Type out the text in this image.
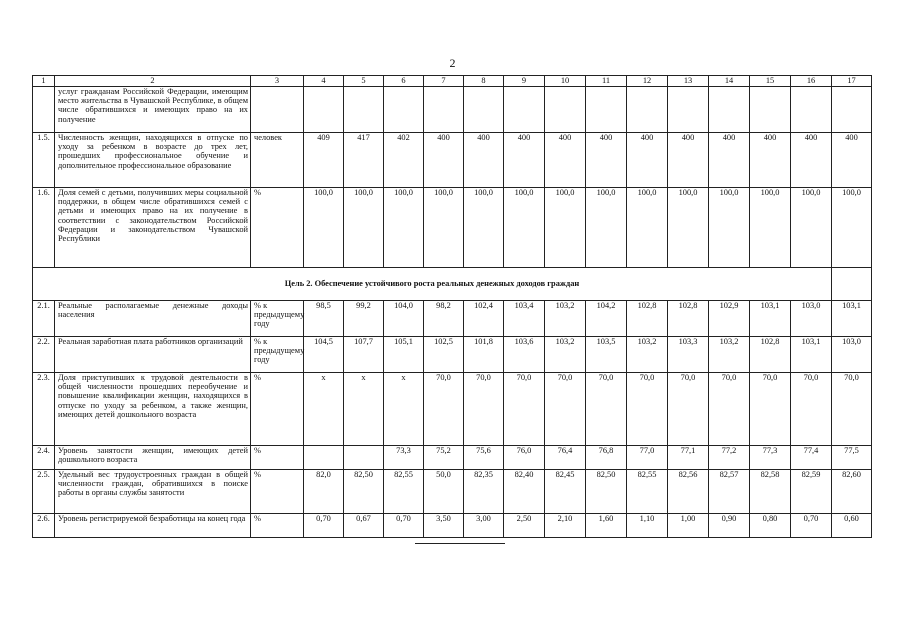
2
1	2	3	4	5	6	7	8	9	10	11	12	13	14	15	16	17
	услуг гражданам Российской Федерации, имеющим место жительства в Чувашской Республике, в общем числе обратившихся и имеющих право на их получение															
1.5.	Численность женщин, находящихся в отпуске по уходу за ребенком в возрасте до трех лет, прошедших профессиональное обучение и дополнительное профессиональное образование	человек	409	417	402	400	400	400	400	400	400	400	400	400	400	400
1.6.	Доля семей с детьми, получивших меры социальной поддержки, в общем числе обратившихся семей с детьми и имеющих право на их получение в соответствии с законодательством Российской Федерации и законодательством Чувашской Республики	%	100,0	100,0	100,0	100,0	100,0	100,0	100,0	100,0	100,0	100,0	100,0	100,0	100,0	100,0
Цель 2. Обеспечение устойчивого роста реальных денежных доходов граждан																
2.1.	Реальные располагаемые денежные доходы населения	% к предыдущему году	98,5	99,2	104,0	98,2	102,4	103,4	103,2	104,2	102,8	102,8	102,9	103,1	103,0	103,1
2.2.	Реальная заработная плата работников организаций	% к предыдущему году	104,5	107,7	105,1	102,5	101,8	103,6	103,2	103,5	103,2	103,3	103,2	102,8	103,1	103,0
2.3.	Доля приступивших к трудовой деятельности в общей численности прошедших переобучение и повышение квалификации женщин, находящихся в отпуске по уходу за ребенком, а также женщин, имеющих детей дошкольного возраста	%	х	х	х	70,0	70,0	70,0	70,0	70,0	70,0	70,0	70,0	70,0	70,0	70,0
2.4.	Уровень занятости женщин, имеющих детей дошкольного возраста	%			73,3	75,2	75,6	76,0	76,4	76,8	77,0	77,1	77,2	77,3	77,4	77,5
2.5.	Удельный вес трудоустроенных граждан в общей численности граждан, обратившихся в поиске работы в органы службы занятости	%	82,0	82,50	82,55	50,0	82,35	82,40	82,45	82,50	82,55	82,56	82,57	82,58	82,59	82,60
2.6.	Уровень регистрируемой безработицы на конец года	%	0,70	0,67	0,70	3,50	3,00	2,50	2,10	1,60	1,10	1,00	0,90	0,80	0,70	0,60
